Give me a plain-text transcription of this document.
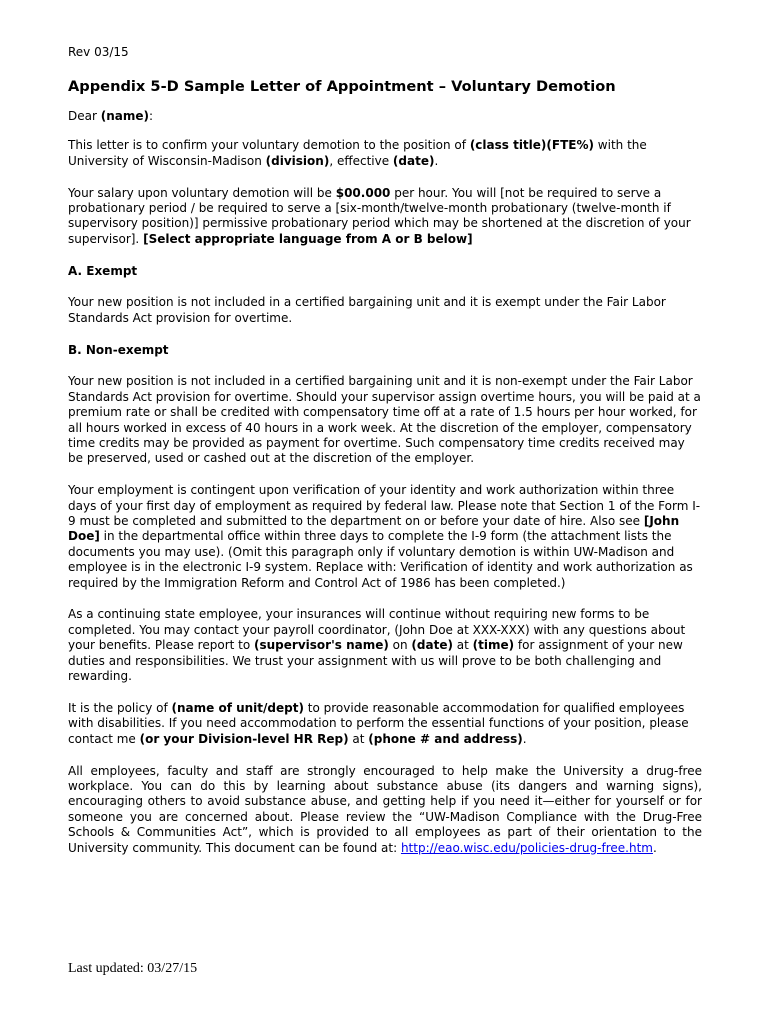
Rev 03/15
Appendix 5-D Sample Letter of Appointment – Voluntary Demotion

Dear (name):

This letter is to confirm your voluntary demotion to the position of (class title)(FTE%) with the University of Wisconsin-Madison (division), effective (date).

Your salary upon voluntary demotion will be $00.000 per hour. You will [not be required to serve a probationary period / be required to serve a [six-month/twelve-month probationary (twelve-month if supervisory position)] permissive probationary period which may be shortened at the discretion of your supervisor]. [Select appropriate language from A or B below]

A. Exempt

Your new position is not included in a certified bargaining unit and it is exempt under the Fair Labor Standards Act provision for overtime.

B. Non-exempt

Your new position is not included in a certified bargaining unit and it is non-exempt under the Fair Labor Standards Act provision for overtime. Should your supervisor assign overtime hours, you will be paid at a premium rate or shall be credited with compensatory time off at a rate of 1.5 hours per hour worked, for all hours worked in excess of 40 hours in a work week. At the discretion of the employer, compensatory time credits may be provided as payment for overtime. Such compensatory time credits received may be preserved, used or cashed out at the discretion of the employer.

Your employment is contingent upon verification of your identity and work authorization within three days of your first day of employment as required by federal law. Please note that Section 1 of the Form I-9 must be completed and submitted to the department on or before your date of hire. Also see [John Doe] in the departmental office within three days to complete the I-9 form (the attachment lists the documents you may use). (Omit this paragraph only if voluntary demotion is within UW-Madison and employee is in the electronic I-9 system. Replace with: Verification of identity and work authorization as required by the Immigration Reform and Control Act of 1986 has been completed.)

As a continuing state employee, your insurances will continue without requiring new forms to be completed. You may contact your payroll coordinator, (John Doe at XXX-XXX) with any questions about your benefits. Please report to (supervisor's name) on (date) at (time) for assignment of your new duties and responsibilities. We trust your assignment with us will prove to be both challenging and rewarding.

It is the policy of (name of unit/dept) to provide reasonable accommodation for qualified employees with disabilities. If you need accommodation to perform the essential functions of your position, please contact me (or your Division-level HR Rep) at (phone # and address).

All employees, faculty and staff are strongly encouraged to help make the University a drug-free workplace. You can do this by learning about substance abuse (its dangers and warning signs), encouraging others to avoid substance abuse, and getting help if you need it—either for yourself or for someone you are concerned about. Please review the “UW-Madison Compliance with the Drug-Free Schools & Communities Act”, which is provided to all employees as part of their orientation to the University community. This document can be found at: http://eao.wisc.edu/policies-drug-free.htm.

Last updated: 03/27/15
